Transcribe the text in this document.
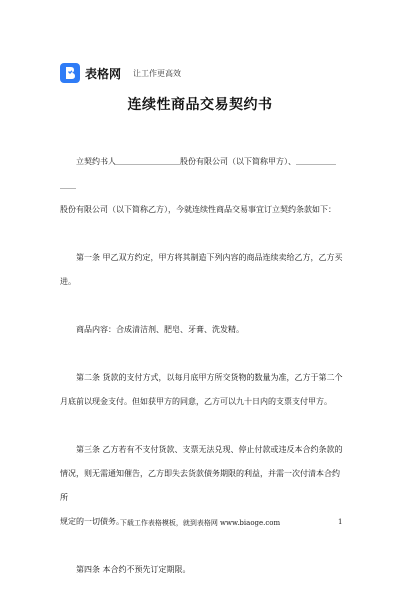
表格网 让工作更高效
连续性商品交易契约书

立契约书人＿＿＿＿＿＿＿＿股份有限公司（以下简称甲方）、＿＿＿＿＿＿＿

股份有限公司（以下简称乙方），今就连续性商品交易事宜订立契约条款如下：

第一条 甲乙双方约定，甲方将其制造下列内容的商品连续卖给乙方，乙方买

进。

商品内容：合成清洁剂、肥皂、牙膏、洗发精。

第二条 货款的支付方式，以每月底甲方所交货物的数量为准，乙方于第二个

月底前以现金支付。但如获甲方的同意，乙方可以九十日内的支票支付甲方。

第三条 乙方若有不支付货款、支票无法兑现、停止付款或违反本合约条款的

情况，则无需通知催告，乙方即失去货款债务期限的利益，并需一次付清本合约所

规定的一切债务。

第四条 本合约不预先订定期限。

下载工作表格模板，就到表格网 www.biaoge.com	1
